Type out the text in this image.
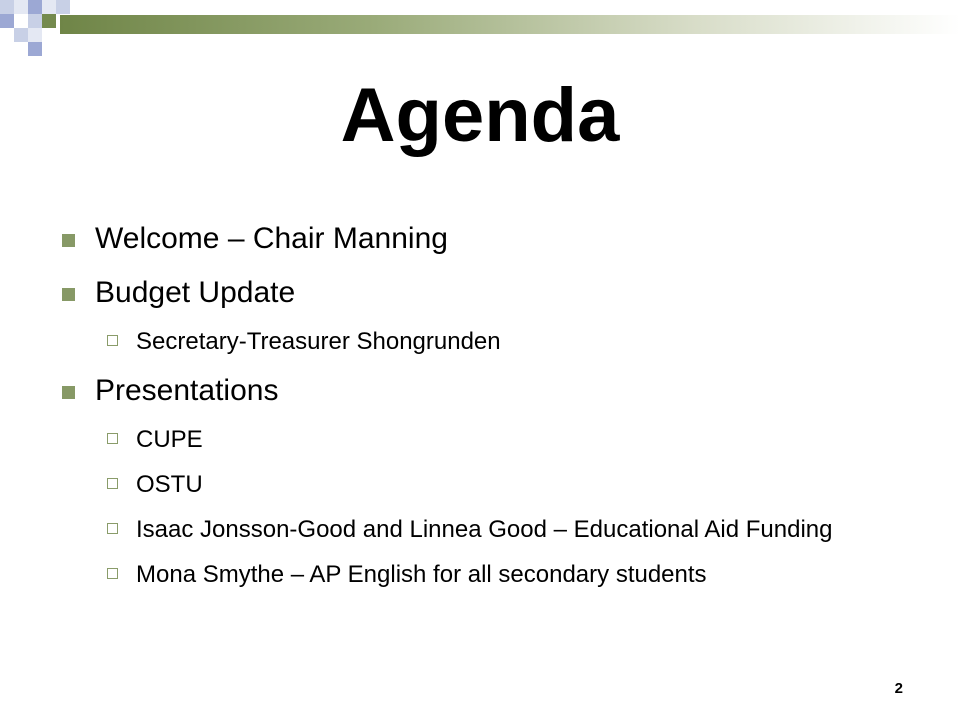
Agenda
Welcome – Chair Manning
Budget Update
Secretary-Treasurer Shongrunden
Presentations
CUPE
OSTU
Isaac Jonsson-Good and Linnea Good – Educational Aid Funding
Mona Smythe – AP English for all secondary students
2
